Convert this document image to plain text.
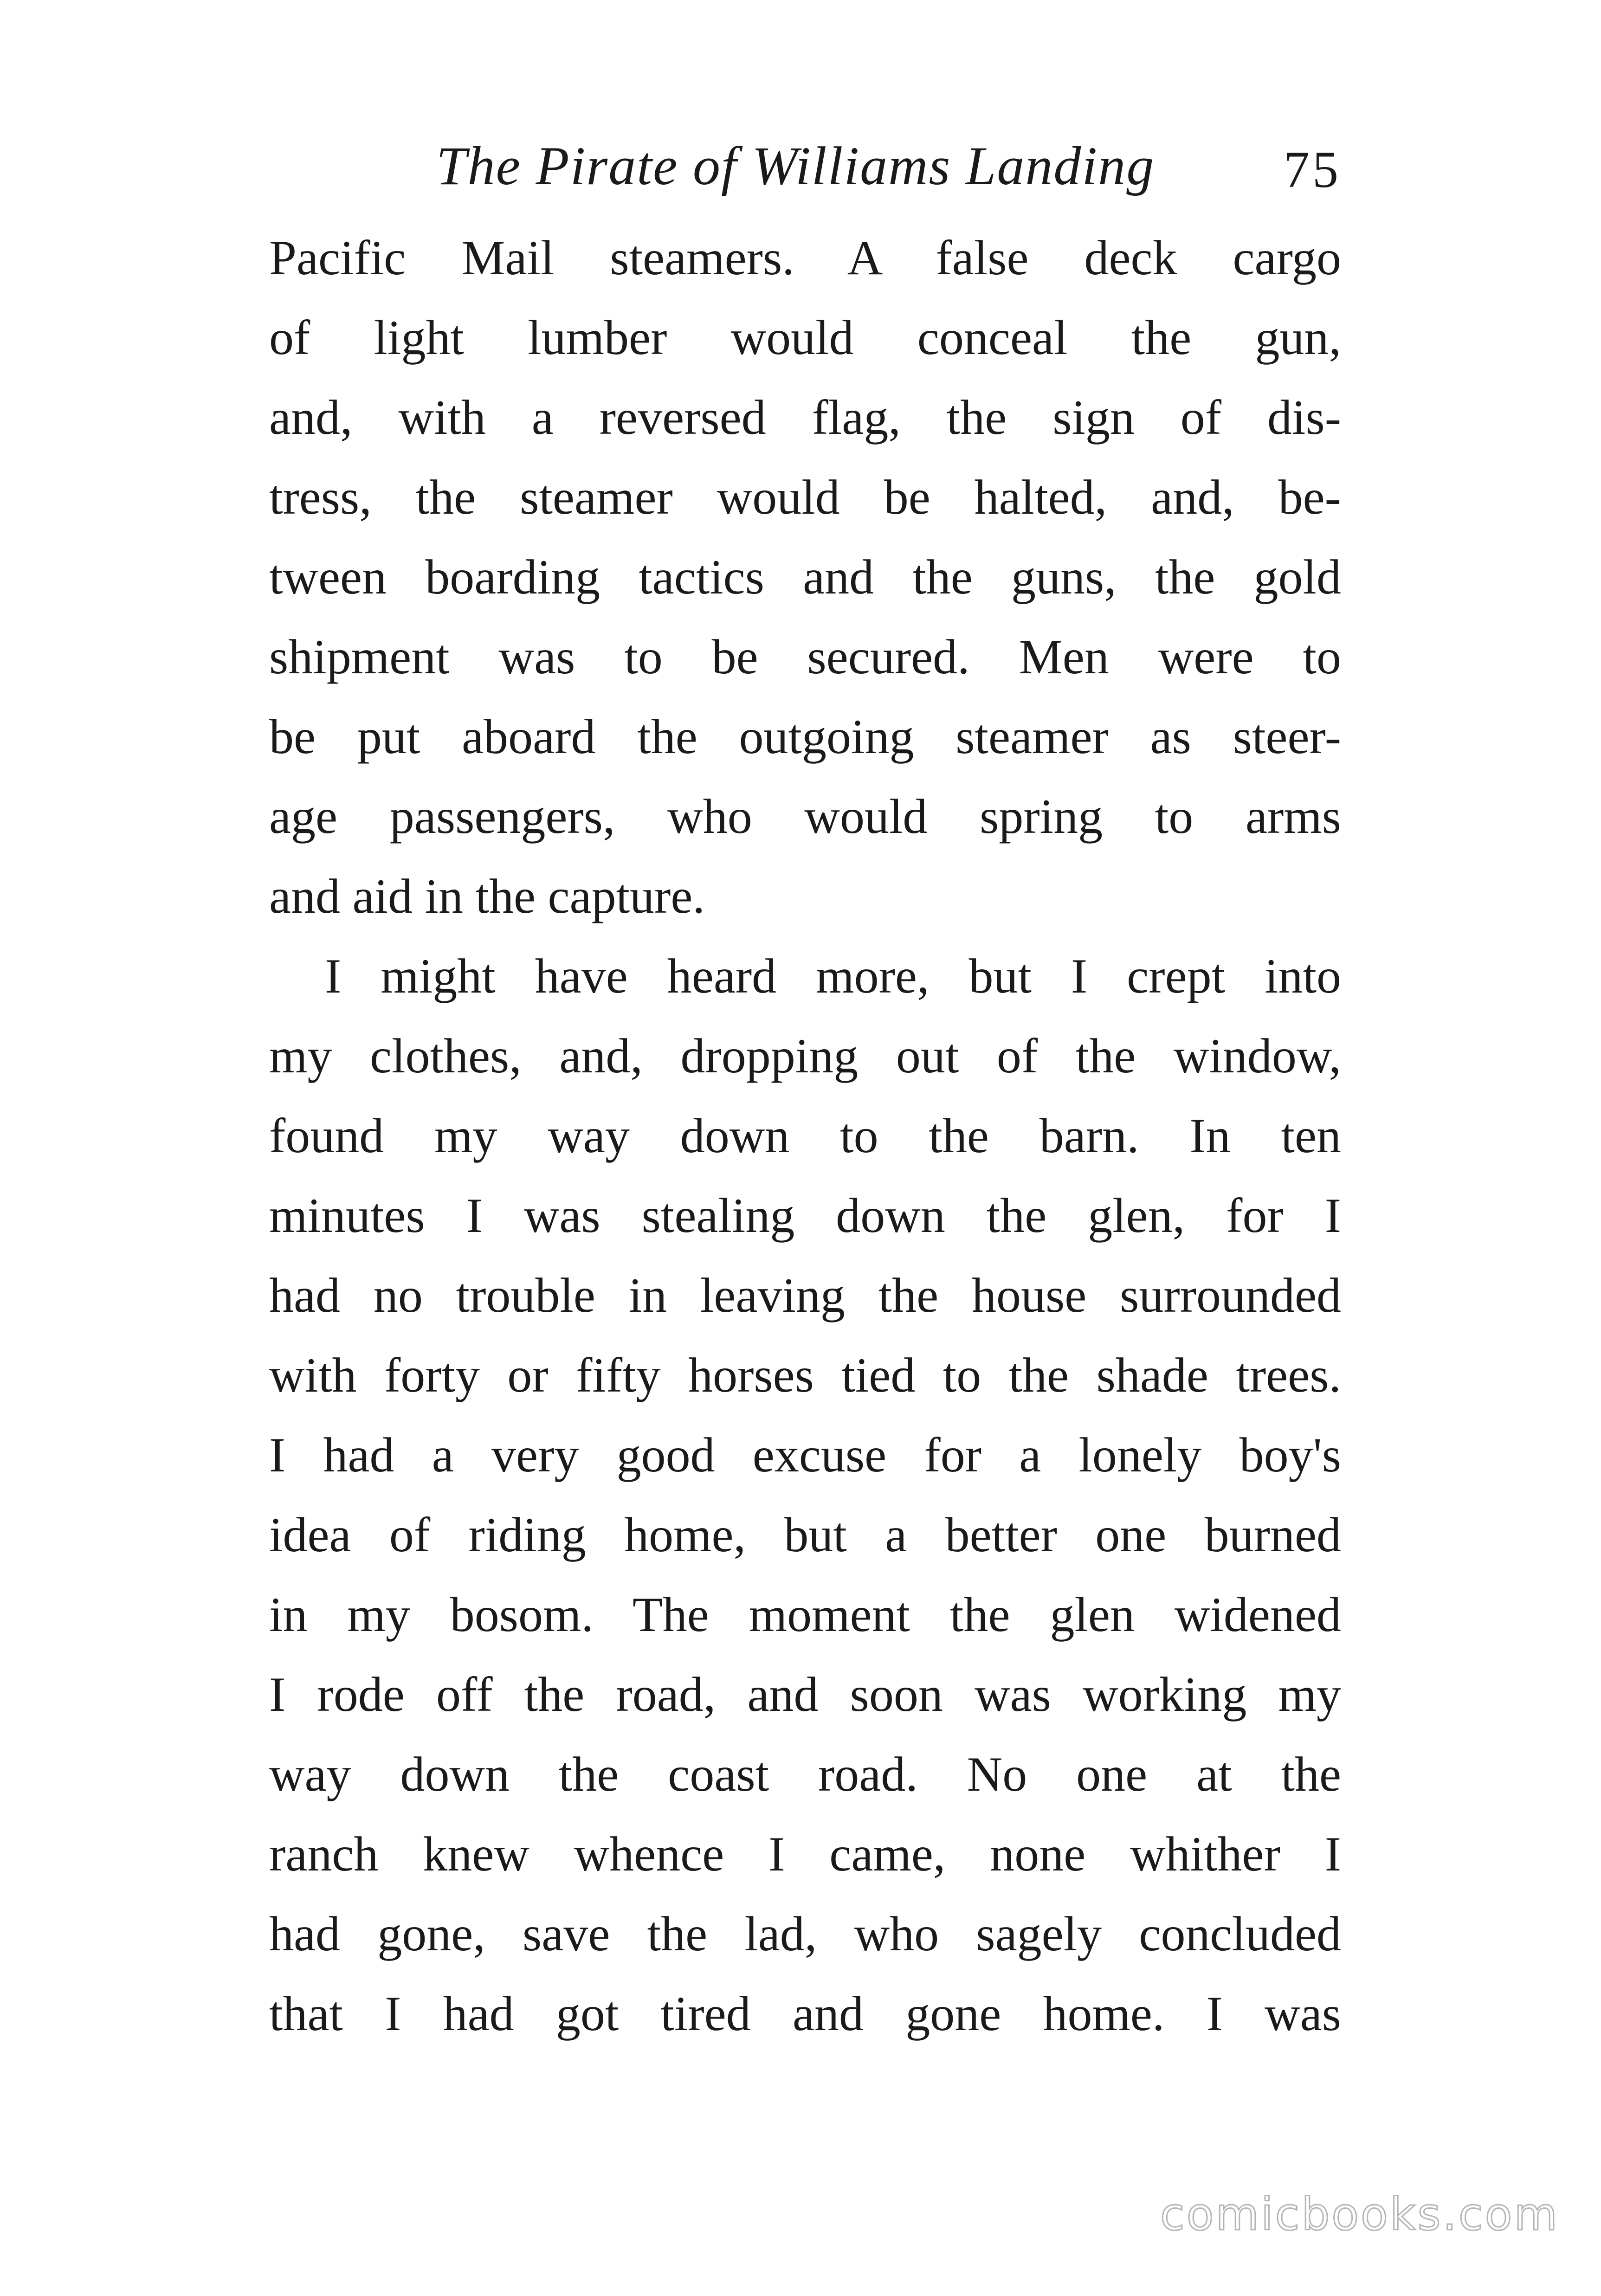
The Pirate of Williams Landing 75
Pacific Mail steamers. A false deck cargo
of light lumber would conceal the gun,
and, with a reversed flag, the sign of dis-
tress, the steamer would be halted, and, be-
tween boarding tactics and the guns, the gold
shipment was to be secured. Men were to
be put aboard the outgoing steamer as steer-
age passengers, who would spring to arms
and aid in the capture.
I might have heard more, but I crept into
my clothes, and, dropping out of the window,
found my way down to the barn. In ten
minutes I was stealing down the glen, for I
had no trouble in leaving the house surrounded
with forty or fifty horses tied to the shade trees.
I had a very good excuse for a lonely boy's
idea of riding home, but a better one burned
in my bosom. The moment the glen widened
I rode off the road, and soon was working my
way down the coast road. No one at the
ranch knew whence I came, none whither I
had gone, save the lad, who sagely concluded
that I had got tired and gone home. I was
comicbooks.com
